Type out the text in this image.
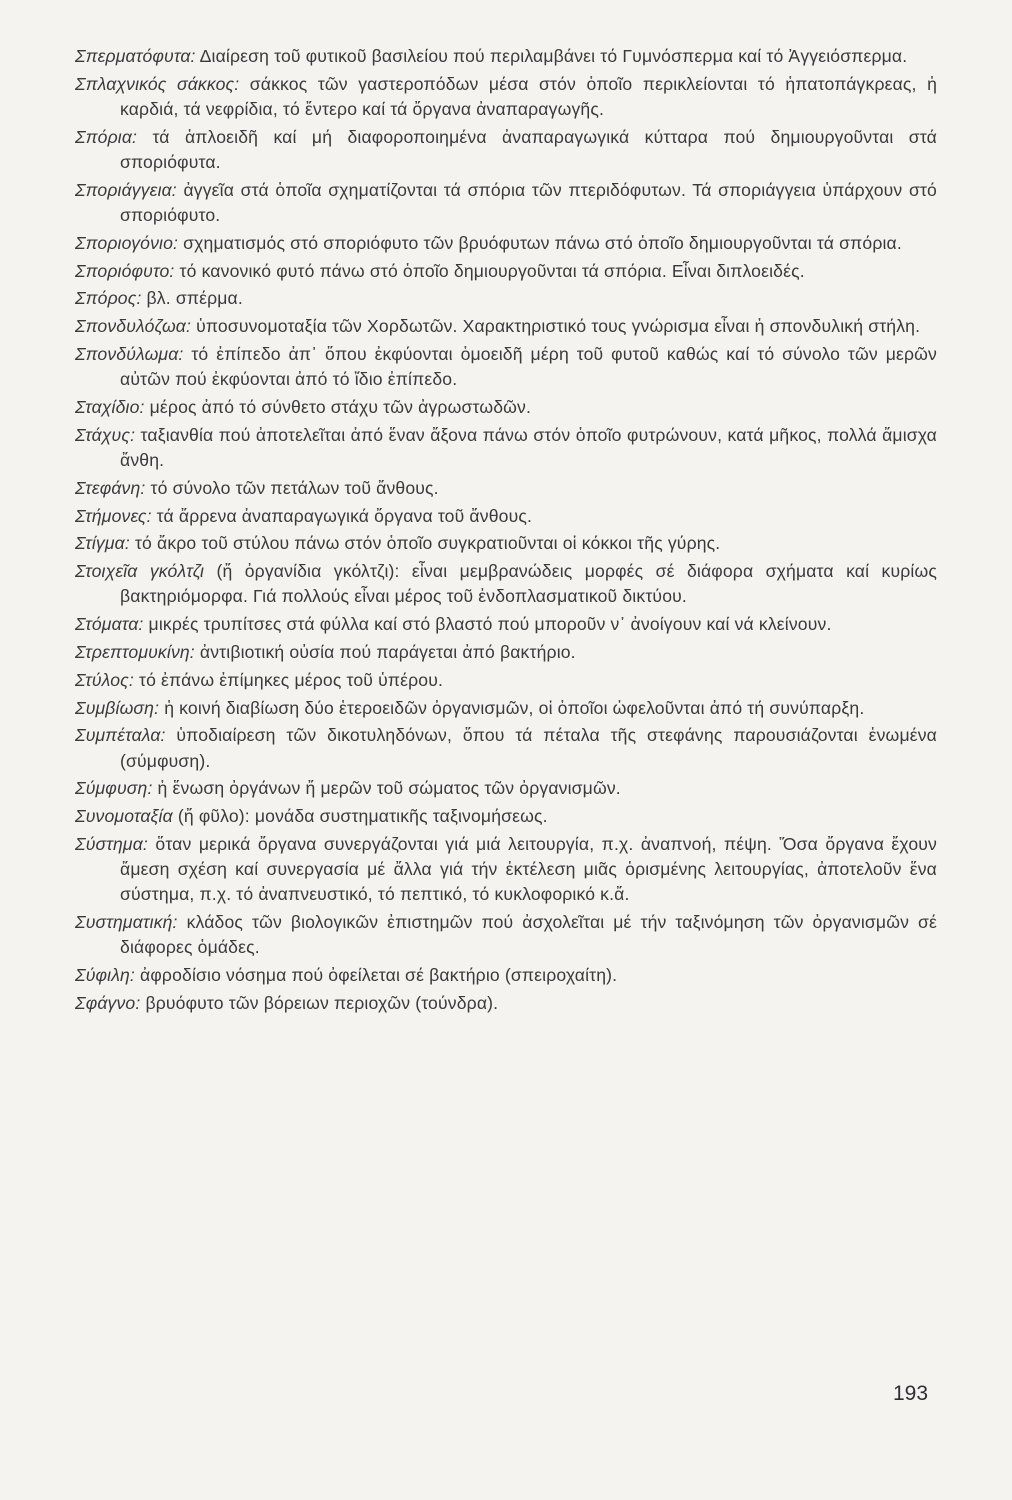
Σπερματόφυτα: Διαίρεση τοῦ φυτικοῦ βασιλείου πού περιλαμβάνει τό Γυμνόσπερμα καί τό Ἀγγειόσπερμα.

Σπλαχνικός σάκκος: σάκκος τῶν γαστεροπόδων μέσα στόν ὁποῖο περικλείονται τό ἡπατοπάγκρεας, ἡ καρδιά, τά νεφρίδια, τό ἔντερο καί τά ὄργανα ἀναπαραγωγῆς.

Σπόρια: τά ἁπλοειδῆ καί μή διαφοροποιημένα ἀναπαραγωγικά κύτταρα πού δημιουργοῦνται στά σποριόφυτα.

Σποριάγγεια: ἀγγεῖα στά ὁποῖα σχηματίζονται τά σπόρια τῶν πτεριδόφυτων. Τά σποριάγγεια ὑπάρχουν στό σποριόφυτο.

Σποριογόνιο: σχηματισμός στό σποριόφυτο τῶν βρυόφυτων πάνω στό ὁποῖο δημιουργοῦνται τά σπόρια.

Σποριόφυτο: τό κανονικό φυτό πάνω στό ὁποῖο δημιουργοῦνται τά σπόρια. Εἶναι διπλοειδές.

Σπόρος: βλ. σπέρμα.

Σπονδυλόζωα: ὑποσυνομοταξία τῶν Χορδωτῶν. Χαρακτηριστικό τους γνώρισμα εἶναι ἡ σπονδυλική στήλη.

Σπονδύλωμα: τό ἐπίπεδο ἀπ᾽ ὅπου ἐκφύονται ὁμοειδῆ μέρη τοῦ φυτοῦ καθώς καί τό σύνολο τῶν μερῶν αὐτῶν πού ἐκφύονται ἀπό τό ἴδιο ἐπίπεδο.

Σταχίδιο: μέρος ἀπό τό σύνθετο στάχυ τῶν ἀγρωστωδῶν.

Στάχυς: ταξιανθία πού ἀποτελεῖται ἀπό ἕναν ἄξονα πάνω στόν ὁποῖο φυτρώνουν, κατά μῆκος, πολλά ἄμισχα ἄνθη.

Στεφάνη: τό σύνολο τῶν πετάλων τοῦ ἄνθους.

Στήμονες: τά ἄρρενα ἀναπαραγωγικά ὄργανα τοῦ ἄνθους.

Στίγμα: τό ἄκρο τοῦ στύλου πάνω στόν ὁποῖο συγκρατιοῦνται οἱ κόκκοι τῆς γύρης.

Στοιχεῖα γκόλτζι (ἤ ὀργανίδια γκόλτζι): εἶναι μεμβρανώδεις μορφές σέ διάφορα σχήματα καί κυρίως βακτηριόμορφα. Γιά πολλούς εἶναι μέρος τοῦ ἐνδοπλασματικοῦ δικτύου.

Στόματα: μικρές τρυπίτσες στά φύλλα καί στό βλαστό πού μποροῦν ν᾽ ἀνοίγουν καί νά κλείνουν.

Στρεπτομυκίνη: ἀντιβιοτική οὐσία πού παράγεται ἀπό βακτήριο.

Στύλος: τό ἐπάνω ἐπίμηκες μέρος τοῦ ὑπέρου.

Συμβίωση: ἡ κοινή διαβίωση δύο ἑτεροειδῶν ὀργανισμῶν, οἱ ὁποῖοι ὠφελοῦνται ἀπό τή συνύπαρξη.

Συμπέταλα: ὑποδιαίρεση τῶν δικοτυληδόνων, ὅπου τά πέταλα τῆς στεφάνης παρουσιάζονται ἑνωμένα (σύμφυση).

Σύμφυση: ἡ ἕνωση ὀργάνων ἤ μερῶν τοῦ σώματος τῶν ὀργανισμῶν.

Συνομοταξία (ἤ φῦλο): μονάδα συστηματικῆς ταξινομήσεως.

Σύστημα: ὅταν μερικά ὄργανα συνεργάζονται γιά μιά λειτουργία, π.χ. ἀναπνοή, πέψη. Ὅσα ὄργανα ἔχουν ἄμεση σχέση καί συνεργασία μέ ἄλλα γιά τήν ἐκτέλεση μιᾶς ὁρισμένης λειτουργίας, ἀποτελοῦν ἕνα σύστημα, π.χ. τό ἀναπνευστικό, τό πεπτικό, τό κυκλοφορικό κ.ἄ.

Συστηματική: κλάδος τῶν βιολογικῶν ἐπιστημῶν πού ἀσχολεῖται μέ τήν ταξινόμηση τῶν ὀργανισμῶν σέ διάφορες ὁμάδες.

Σύφιλη: ἀφροδίσιο νόσημα πού ὀφείλεται σέ βακτήριο (σπειροχαίτη).

Σφάγνο: βρυόφυτο τῶν βόρειων περιοχῶν (τούνδρα).

193
